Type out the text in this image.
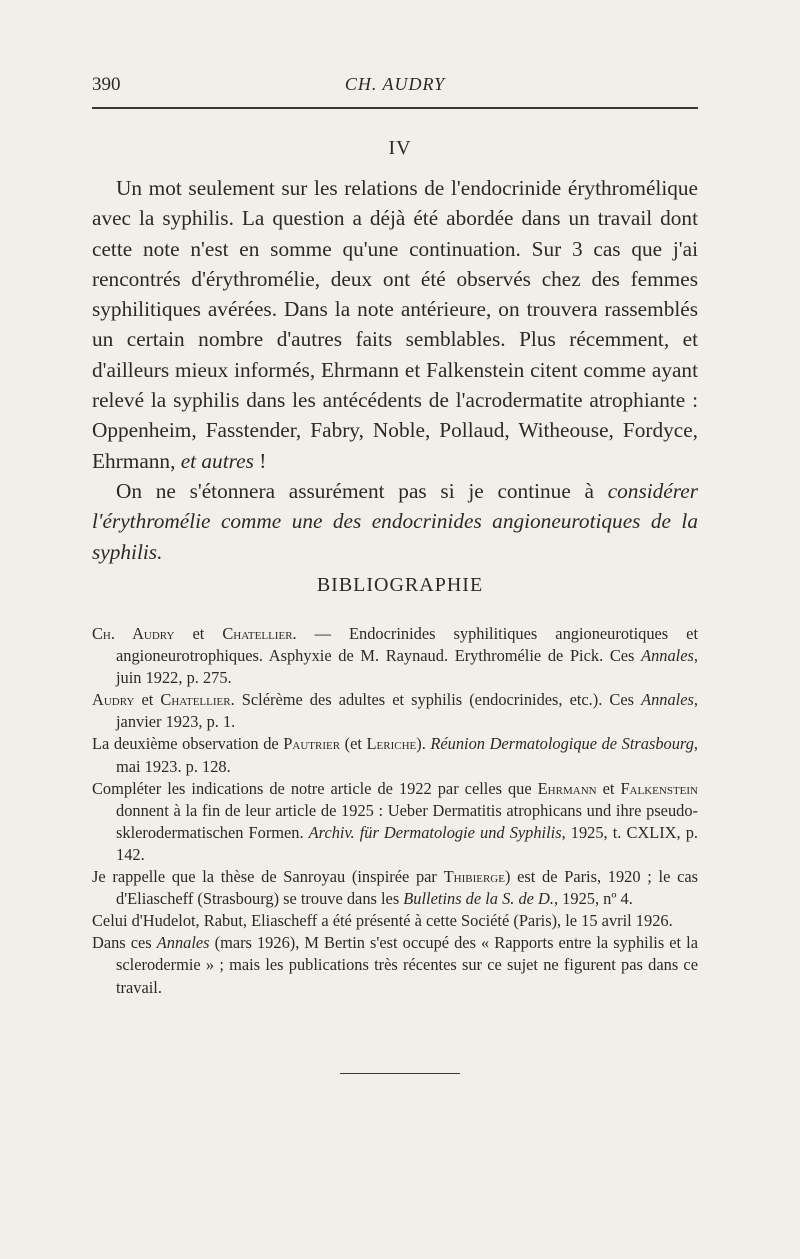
390	CH. AUDRY
IV

Un mot seulement sur les relations de l'endocrinide érythromélique avec la syphilis. La question a déjà été abordée dans un travail dont cette note n'est en somme qu'une continuation. Sur 3 cas que j'ai rencontrés d'érythromélie, deux ont été observés chez des femmes syphilitiques avérées. Dans la note antérieure, on trouvera rassemblés un certain nombre d'autres faits semblables. Plus récemment, et d'ailleurs mieux informés, Ehrmann et Falkenstein citent comme ayant relevé la syphilis dans les antécédents de l'acrodermatite atrophiante : Oppenheim, Fasstender, Fabry, Noble, Pollaud, Witheouse, Fordyce, Ehrmann, et autres !

On ne s'étonnera assurément pas si je continue à considérer l'érythromélie comme une des endocrinides angioneurotiques de la syphilis.

BIBLIOGRAPHIE

Ch. Audry et Chatellier. — Endocrinides syphilitiques angioneurotiques et angioneurotrophiques. Asphyxie de M. Raynaud. Erythromélie de Pick. Ces Annales, juin 1922, p. 275.

Audry et Chatellier. Sclérème des adultes et syphilis (endocrinides, etc.). Ces Annales, janvier 1923, p. 1.

La deuxième observation de Pautrier (et Leriche). Réunion Dermatologique de Strasbourg, mai 1923. p. 128.

Compléter les indications de notre article de 1922 par celles que Ehrmann et Falkenstein donnent à la fin de leur article de 1925 : Ueber Dermatitis atrophicans und ihre pseudo-sklerodermatischen Formen. Archiv. für Dermatologie und Syphilis, 1925, t. CXLIX, p. 142.

Je rappelle que la thèse de Sanroyau (inspirée par Thibierge) est de Paris, 1920 ; le cas d'Eliascheff (Strasbourg) se trouve dans les Bulletins de la S. de D., 1925, nº 4.

Celui d'Hudelot, Rabut, Eliascheff a été présenté à cette Société (Paris), le 15 avril 1926.

Dans ces Annales (mars 1926), M Bertin s'est occupé des « Rapports entre la syphilis et la sclerodermie » ; mais les publications très récentes sur ce sujet ne figurent pas dans ce travail.
